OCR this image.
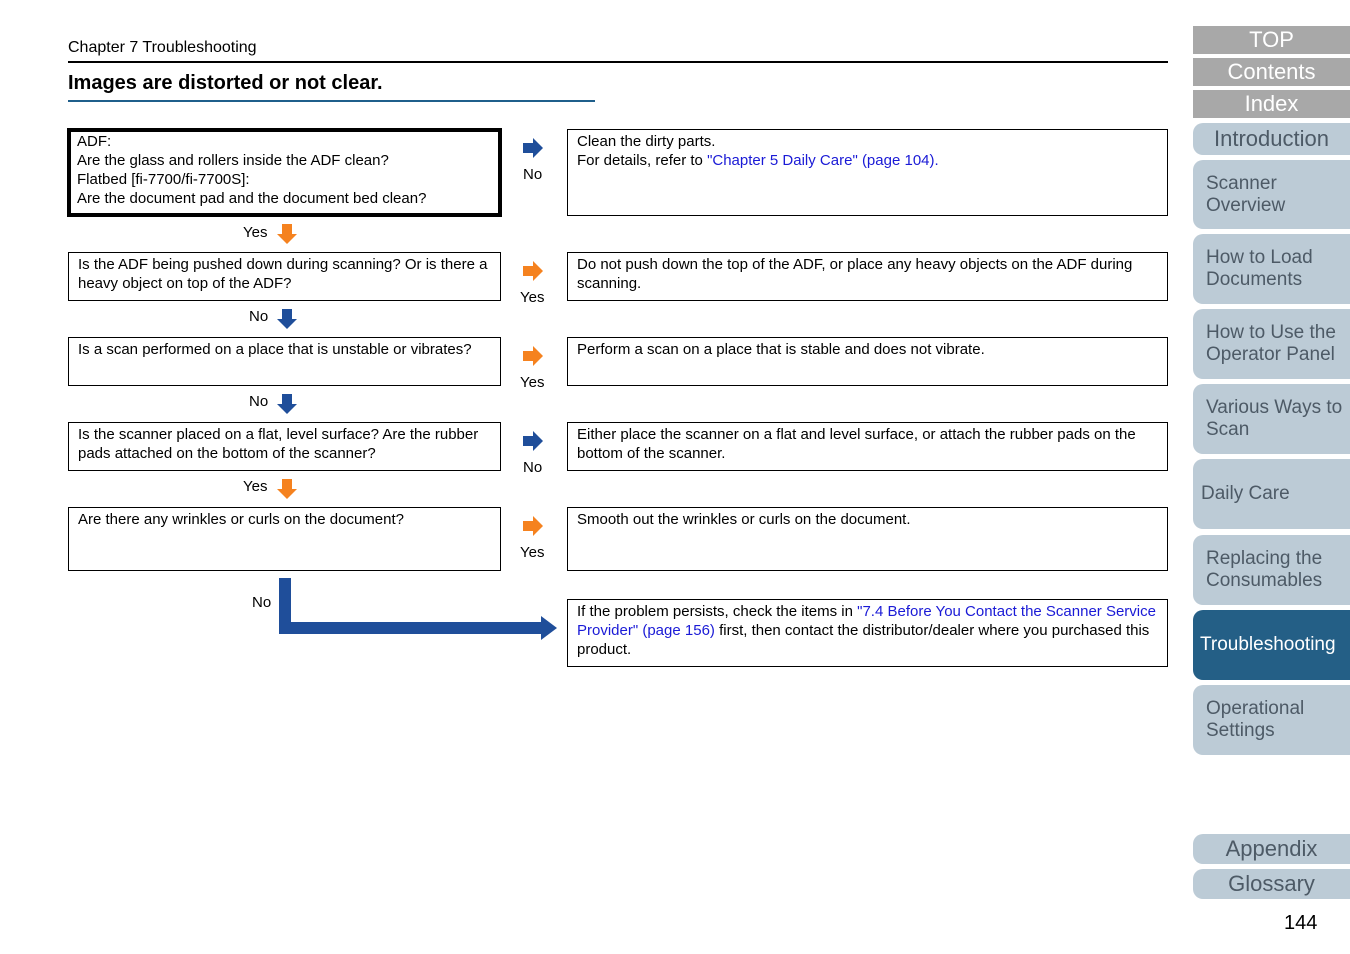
Chapter 7 Troubleshooting
Images are distorted or not clear.
ADF:
Are the glass and rollers inside the ADF clean?
Flatbed [fi-7700/fi-7700S]:
Are the document pad and the document bed clean?
No
Clean the dirty parts.
For details, refer to "Chapter 5 Daily Care" (page 104).
Yes
Is the ADF being pushed down during scanning? Or is there a heavy object on top of the ADF?
Yes
Do not push down the top of the ADF, or place any heavy objects on the ADF during scanning.
No
Is a scan performed on a place that is unstable or vibrates?
Yes
Perform a scan on a place that is stable and does not vibrate.
No
Is the scanner placed on a flat, level surface? Are the rubber pads attached on the bottom of the scanner?
No
Either place the scanner on a flat and level surface, or attach the rubber pads on the bottom of the scanner.
Yes
Are there any wrinkles or curls on the document?
Yes
Smooth out the wrinkles or curls on the document.
No
If the problem persists, check the items in "7.4 Before You Contact the Scanner Service Provider" (page 156) first, then contact the distributor/dealer where you purchased this product.
TOP
Contents
Index
Introduction
Scanner Overview
How to Load Documents
How to Use the Operator Panel
Various Ways to Scan
Daily Care
Replacing the Consumables
Troubleshooting
Operational Settings
Appendix
Glossary
144
